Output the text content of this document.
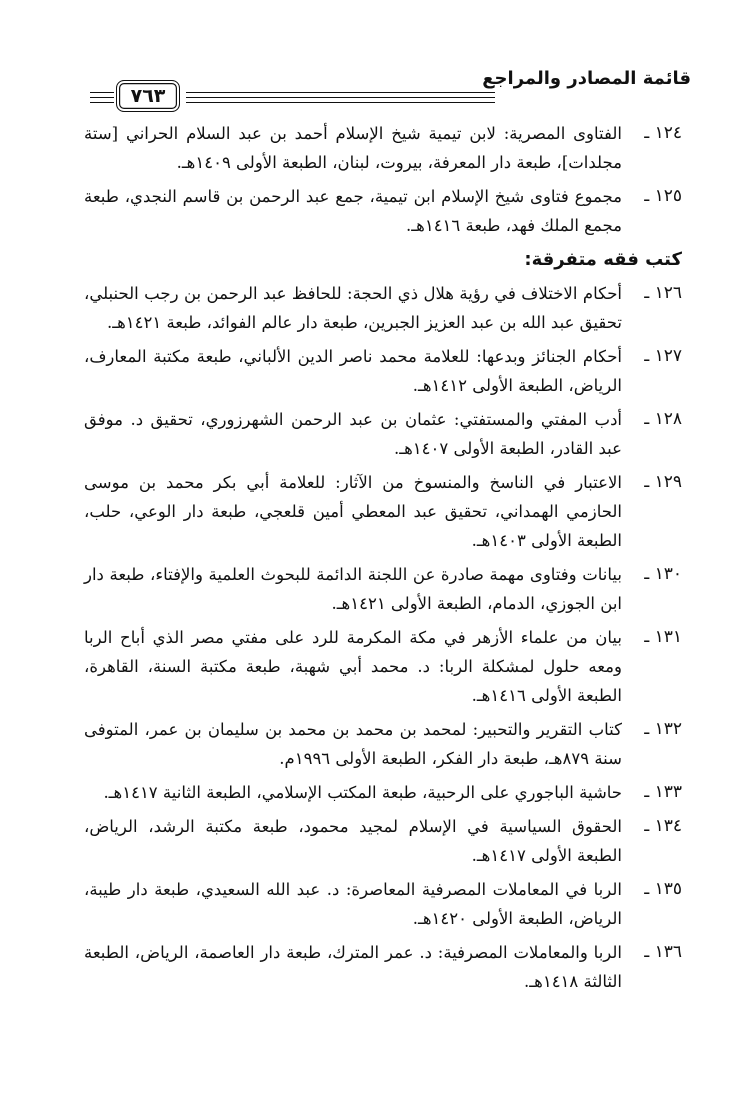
قائمة المصادر والمراجع
٧٦٣
١٢٤ ـ
الفتاوى المصرية: لابن تيمية شيخ الإسلام أحمد بن عبد السلام الحراني [ستة مجلدات]، طبعة دار المعرفة، بيروت، لبنان، الطبعة الأولى ١٤٠٩هـ.
١٢٥ ـ
مجموع فتاوى شيخ الإسلام ابن تيمية، جمع عبد الرحمن بن قاسم النجدي، طبعة مجمع الملك فهد، طبعة ١٤١٦هـ.
كتب فقه متفرقة:
١٢٦ ـ
أحكام الاختلاف في رؤية هلال ذي الحجة: للحافظ عبد الرحمن بن رجب الحنبلي، تحقيق عبد الله بن عبد العزيز الجبرين، طبعة دار عالم الفوائد، طبعة ١٤٢١هـ.
١٢٧ ـ
أحكام الجنائز وبدعها: للعلامة محمد ناصر الدين الألباني، طبعة مكتبة المعارف، الرياض، الطبعة الأولى ١٤١٢هـ.
١٢٨ ـ
أدب المفتي والمستفتي: عثمان بن عبد الرحمن الشهرزوري، تحقيق د. موفق عبد القادر، الطبعة الأولى ١٤٠٧هـ.
١٢٩ ـ
الاعتبار في الناسخ والمنسوخ من الآثار: للعلامة أبي بكر محمد بن موسى الحازمي الهمداني، تحقيق عبد المعطي أمين قلعجي، طبعة دار الوعي، حلب، الطبعة الأولى ١٤٠٣هـ.
١٣٠ ـ
بيانات وفتاوى مهمة صادرة عن اللجنة الدائمة للبحوث العلمية والإفتاء، طبعة دار ابن الجوزي، الدمام، الطبعة الأولى ١٤٢١هـ.
١٣١ ـ
بيان من علماء الأزهر في مكة المكرمة للرد على مفتي مصر الذي أباح الربا ومعه حلول لمشكلة الربا: د. محمد أبي شهبة، طبعة مكتبة السنة، القاهرة، الطبعة الأولى ١٤١٦هـ.
١٣٢ ـ
كتاب التقرير والتحبير: لمحمد بن محمد بن محمد بن سليمان بن عمر، المتوفى سنة ٨٧٩هـ، طبعة دار الفكر، الطبعة الأولى ١٩٩٦م.
١٣٣ ـ
حاشية الباجوري على الرحبية، طبعة المكتب الإسلامي، الطبعة الثانية ١٤١٧هـ.
١٣٤ ـ
الحقوق السياسية في الإسلام لمجيد محمود، طبعة مكتبة الرشد، الرياض، الطبعة الأولى ١٤١٧هـ.
١٣٥ ـ
الربا في المعاملات المصرفية المعاصرة: د. عبد الله السعيدي، طبعة دار طيبة، الرياض، الطبعة الأولى ١٤٢٠هـ.
١٣٦ ـ
الربا والمعاملات المصرفية: د. عمر المترك، طبعة دار العاصمة، الرياض، الطبعة الثالثة ١٤١٨هـ.
